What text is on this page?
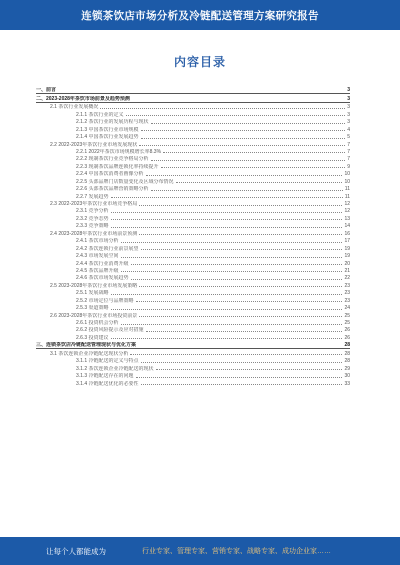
连锁茶饮店市场分析及冷链配送管理方案研究报告
内容目录
一、前言	3
二、2023-2028年茶饮市场前景及趋势预测	3
2.1 茶饮行业发展概况	3
2.1.1 茶饮行业的定义	3
2.1.2 茶饮行业的发展历程与现状	3
2.1.3 中国茶饮行业市场规模	4
2.1.4 中国茶饮行业发展趋势	5
2.2 2022-2023年茶饮行业市场发展现状	7
2.2.1 2022年茶饮市场规模增长率8.3%	7
2.2.2 现制茶饮行业竞争格局分析	7
2.2.3 现制茶饮品牌连锁化率持续提升	9
2.2.4 中国茶饮消费者画像分析	10
2.2.5 头部品牌门店数量变化及区域分布情况	10
2.2.6 头部茶饮品牌营销策略分析	11
2.2.7 发展趋势	11
2.3 2022-2023年茶饮行业市场竞争格局	12
2.3.1 竞争分析	12
2.3.2 竞争态势	13
2.3.3 竞争策略	14
2.4 2023-2028年茶饮行业市场前景预测	16
2.4.1 茶饮市场分析	17
2.4.2 茶饮连锁行业前景展望	19
2.4.3 市场发展空间	19
2.4.4 茶饮行业消费升级	20
2.4.5 茶饮品牌升级	21
2.4.6 茶饮市场发展趋势	22
2.5 2023-2028年茶饮行业市场发展策略	23
2.5.1 发展战略	23
2.5.2 市场定位与品牌策略	23
2.5.3 渠道策略	24
2.6 2023-2028年茶饮行业市场投资前景	25
2.6.1 投资机会分析	25
2.6.2 投资风险提示及应对措施	26
2.6.3 投资建议	26
三、连锁茶饮店冷链配送管理现状与优化方案	28
3.1 茶饮连锁企业冷链配送现状分析	28
3.1.1 冷链配送的定义与特点	28
3.1.2 茶饮连锁企业冷链配送的现状	29
3.1.3 冷链配送存在的问题	30
3.1.4 冷链配送优化的必要性	33
让每个人都能成为	行业专家、管理专家、营销专家、战略专家、成功企业家……
